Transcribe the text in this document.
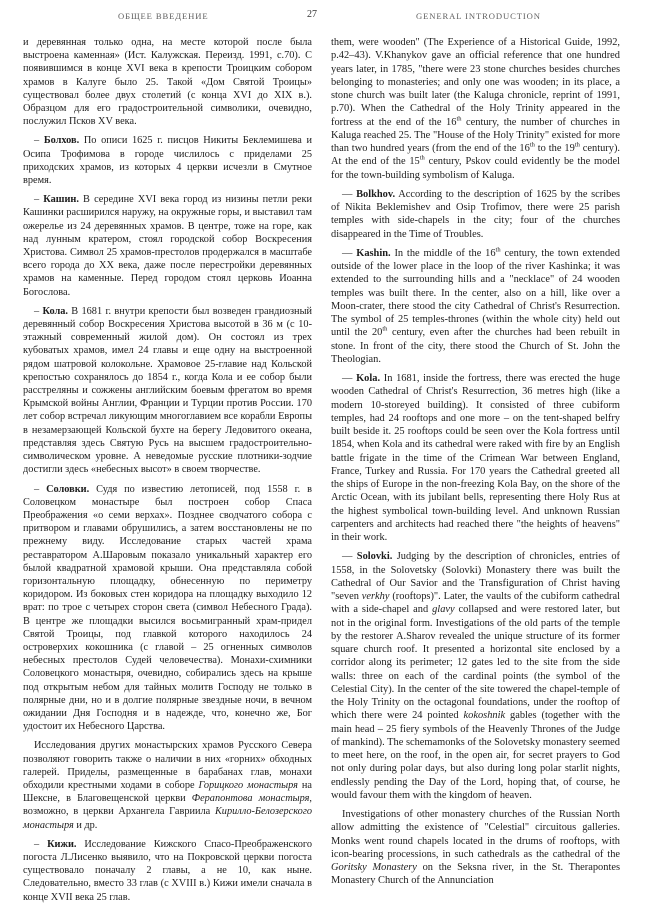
ОБЩЕЕ ВВЕДЕНИЕ	27	GENERAL INTRODUCTION

и деревянная только одна, на месте которой после была выстроена каменная» (Ист. Калужская. Переизд. 1991, с.70). С появившимся в конце XVI века в крепости Троицким собором храмов в Калуге было 25. Такой «Дом Святой Троицы» существовал более двух столетий (с конца XVI до XIX в.). Образцом для его градостроительной символики, очевидно, послужил Псков XV века.

– Болхов. По описи 1625 г. писцов Никиты Беклемишева и Осипа Трофимова в городе числилось с приделами 25 приходских храмов, из которых 4 церкви исчезли в Смутное время.

– Кашин. В середине XVI века город из низины петли реки Кашинки расширился наружу, на окружные горы, и выставил там ожерелье из 24 деревянных храмов. В центре, тоже на горе, как над лунным кратером, стоял городской собор Воскресения Христова. Символ 25 храмов-престолов продержался в масштабе всего города до XX века, даже после перестройки деревянных храмов на каменные. Перед городом стоял церковь Иоанна Богослова.

– Кола. В 1681 г. внутри крепости был возведен грандиозный деревянный собор Воскресения Христова высотой в 36 м (с 10-этажный современный жилой дом). Он состоял из трех кубоватых храмов, имел 24 главы и еще одну на выстроенной рядом шатровой колокольне. Храмовое 25-главие над Кольской крепостью сохранялось до 1854 г., когда Кола и ее собор были расстреляны и сожжены английским боевым фрегатом во время Крымской войны Англии, Франции и Турции против России. 170 лет собор встречал ликующим многоглавием все корабли Европы в незамерзающей Кольской бухте на берегу Ледовитого океана, представляя здесь Святую Русь на высшем градостроительно-символическом уровне. А неведомые русские плотники-зодчие достигли здесь «небесных высот» в своем творчестве.

– Соловки. Судя по известию летописей, под 1558 г. в Соловецком монастыре был построен собор Спаса Преображения «о семи верхах». Позднее сводчатого собора с притвором и главами обрушились, а затем восстановлены не по прежнему виду. Исследование старых частей храма реставратором А.Шаровым показало уникальный характер его былой квадратной храмовой крыши. Она представляла собой горизонтальную площадку, обнесенную по периметру коридором. Из боковых стен коридора на площадку выходило 12 врат: по трое с четырех сторон света (символ Небесного Града). В центре же площадки высился восьмигранный храм-придел Святой Троицы, под главкой которого находилось 24 островерхих кокошника (с главой – 25 огненных символов небесных престолов Судей человечества). Монахи-схимники Соловецкого монастыря, очевидно, собирались здесь на крыше под открытым небом для тайных молитв Господу не только в полярные дни, но и в долгие полярные звездные ночи, в вечном ожидании Дня Господня и в надежде, что, конечно же, Бог удостоит их Небесного Царства.

Исследования других монастырских храмов Русского Севера позволяют говорить также о наличии в них «горних» обходных галерей. Приделы, размещенные в барабанах глав, монахи обходили крестными ходами в соборе Горицкого монастыря на Шексне, в Благовещенской церкви Ферапонтова монастыря, возможно, в церкви Архангела Гавриила Кирилло-Белозерского монастыря и др.

– Кижи. Исследование Кижского Спасо-Преображенского погоста Л.Лисенко выявило, что на Покровской церкви погоста существовало поначалу 2 главы, а не 10, как ныне. Следовательно, вместо 33 глав (с XVIII в.) Кижи имели сначала в конце XVII века 25 глав.

them, were wooden" (The Experience of a Historical Guide, 1992, p.42–43). V.Khanykov gave an official reference that one hundred years later, in 1785, "there were 23 stone churches besides churches belonging to monasteries; and only one was wooden; in its place, a stone church was built later (the Kaluga chronicle, reprint of 1991, p.70). When the Cathedral of the Holy Trinity appeared in the fortress at the end of the 16th century, the number of churches in Kaluga reached 25. The "House of the Holy Trinity" existed for more than two hundred years (from the end of the 16th to the 19th century). At the end of the 15th century, Pskov could evidently be the model for the town-building symbolism of Kaluga.

— Bolkhov. According to the description of 1625 by the scribes of Nikita Beklemishev and Osip Trofimov, there were 25 parish temples with side-chapels in the city; four of the churches disappeared in the Time of Troubles.

— Kashin. In the middle of the 16th century, the town extended outside of the lower place in the loop of the river Kashinka; it was extended to the surrounding hills and a "necklace" of 24 wooden temples was built there. In the center, also on a hill, like over a Moon-crater, there stood the city Cathedral of Christ's Resurrection. The symbol of 25 temples-thrones (within the whole city) held out until the 20th century, even after the churches had been rebuilt in stone. In front of the city, there stood the Church of St. John the Theologian.

— Kola. In 1681, inside the fortress, there was erected the huge wooden Cathedral of Christ's Resurrection, 36 metres high (like a modern 10-storeyed building). It consisted of three cubiform temples, had 24 rooftops and one more – on the tent-shaped belfry built beside it. 25 rooftops could be seen over the Kola fortress until 1854, when Kola and its cathedral were raked with fire by an English battle frigate in the time of the Crimean War between England, France, Turkey and Russia. For 170 years the Cathedral greeted all the ships of Europe in the non-freezing Kola Bay, on the shore of the Arctic Ocean, with its jubilant bells, representing there Holy Rus at the highest symbolical town-building level. And unknown Russian carpenters and architects had reached there "the heights of heavens" in their work.

— Solovki. Judging by the description of chronicles, entries of 1558, in the Solovetsky (Solovki) Monastery there was built the Cathedral of Our Savior and the Transfiguration of Christ having "seven verkhy (rooftops)". Later, the vaults of the cubiform cathedral with a side-chapel and glavy collapsed and were restored later, but not in the original form. Investigations of the old parts of the temple by the restorer A.Sharov revealed the unique structure of its former square church roof. It presented a horizontal site enclosed by a corridor along its perimeter; 12 gates led to the site from the side walls: three on each of the cardinal points (the symbol of the Celestial City). In the center of the site towered the chapel-temple of the Holy Trinity on the octagonal foundations, under the rooftop of which there were 24 pointed kokoshnik gables (together with the main head – 25 fiery symbols of the Heavenly Thrones of the Judge of mankind). The schemamonks of the Solovetsky monastery seemed to meet here, on the roof, in the open air, for secret prayers to God not only during polar days, but also during long polar starlit nights, endlessly pending the Day of the Lord, hoping that, of course, he would favour them with the kingdom of heaven.

Investigations of other monastery churches of the Russian North allow admitting the existence of "Celestial" circuitous galleries. Monks went round chapels located in the drums of rooftops, with icon-bearing processions, in such cathedrals as the cathedral of the Goritsky Monastery on the Seksna river, in the St. Therapontes Monastery Church of the Annunciation
